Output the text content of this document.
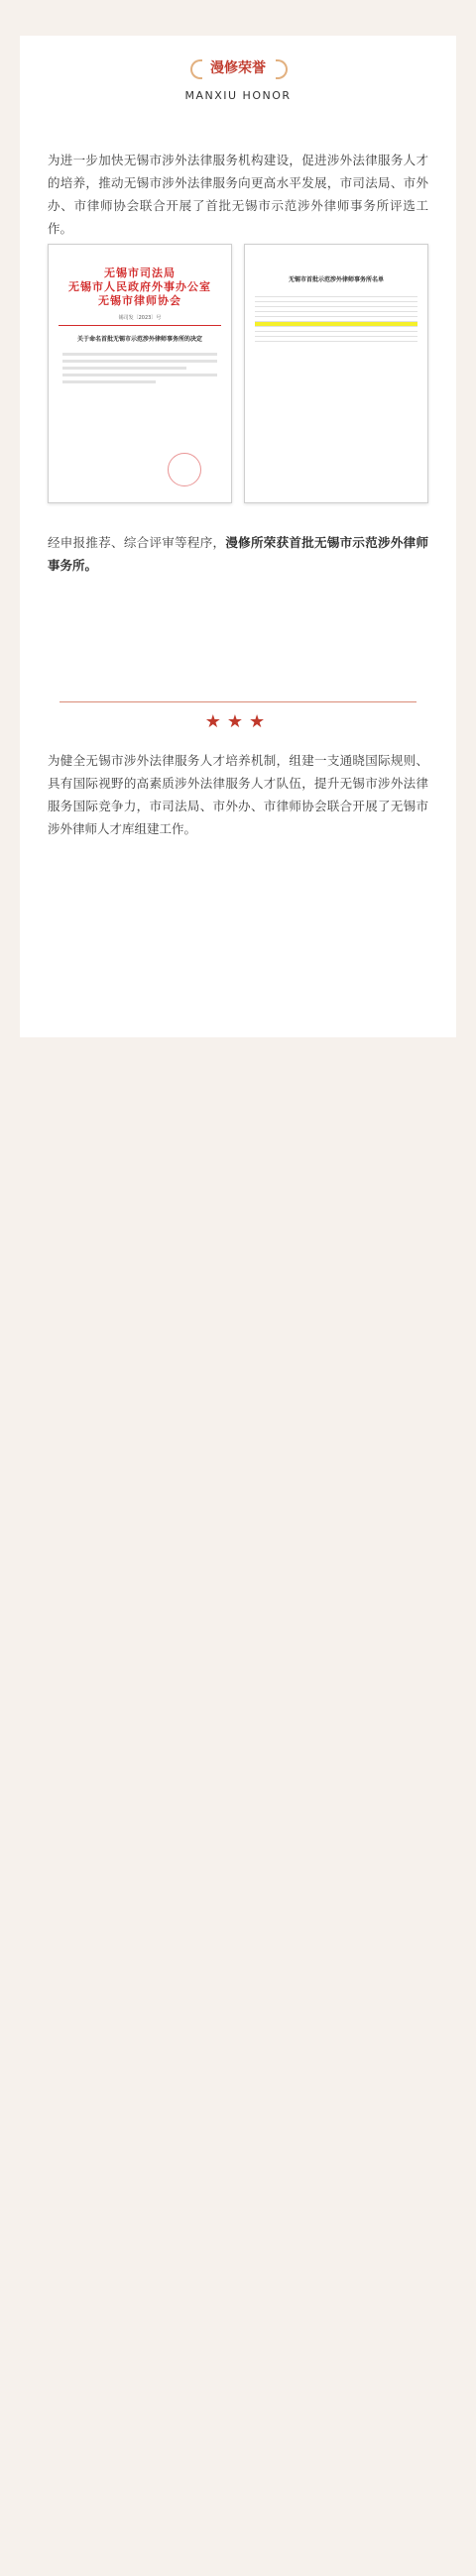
漫修荣誉
MANXIU HONOR

为进一步加快无锡市涉外法律服务机构建设，促进涉外法律服务人才的培养，推动无锡市涉外法律服务向更高水平发展，市司法局、市外办、市律师协会联合开展了首批无锡市示范涉外律师事务所评选工作。

无锡市司法局
无锡市人民政府外事办公室
无锡市律师协会
锡司发〔2023〕号
关于命名首批无锡市示范涉外律师事务所的决定
无锡市首批示范涉外律师事务所名单

经申报推荐、综合评审等程序，漫修所荣获首批无锡市示范涉外律师事务所。

★★★

为健全无锡市涉外法律服务人才培养机制，组建一支通晓国际规则、具有国际视野的高素质涉外法律服务人才队伍，提升无锡市涉外法律服务国际竞争力，市司法局、市外办、市律师协会联合开展了无锡市涉外律师人才库组建工作。
